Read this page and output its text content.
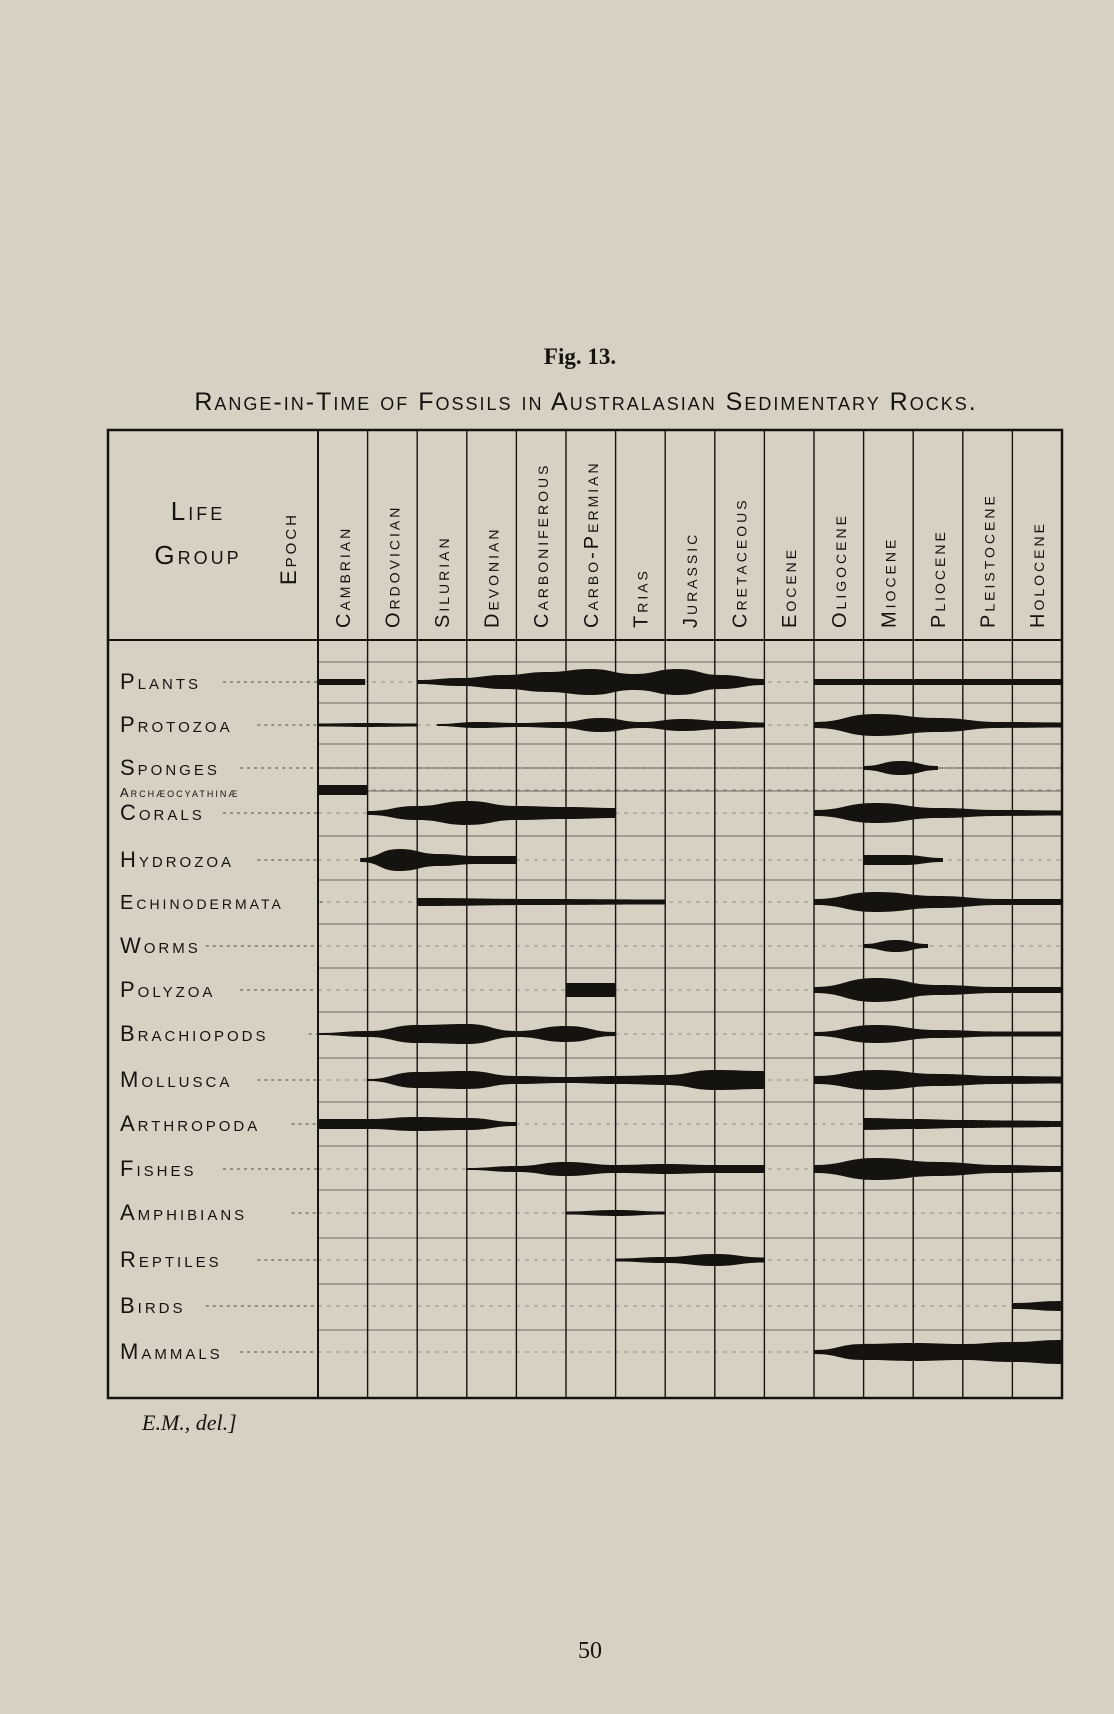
Fig. 13.
Range-in-Time of Fossils in Australasian Sedimentary Rocks.
Life
Group Epoch Cambrian Ordovician Silurian Devonian Carboniferous Carbo-Permian Trias Jurassic Cretaceous Eocene Oligocene Miocene Pliocene Pleistocene Holocene
Plants
Protozoa
Sponges
Archæocyathinæ
Corals
Hydrozoa
Echinodermata
Worms
Polyzoa
Brachiopods
Mollusca
Arthropoda
Fishes
Amphibians
Reptiles
Birds
Mammals
E.M., del.]
50
